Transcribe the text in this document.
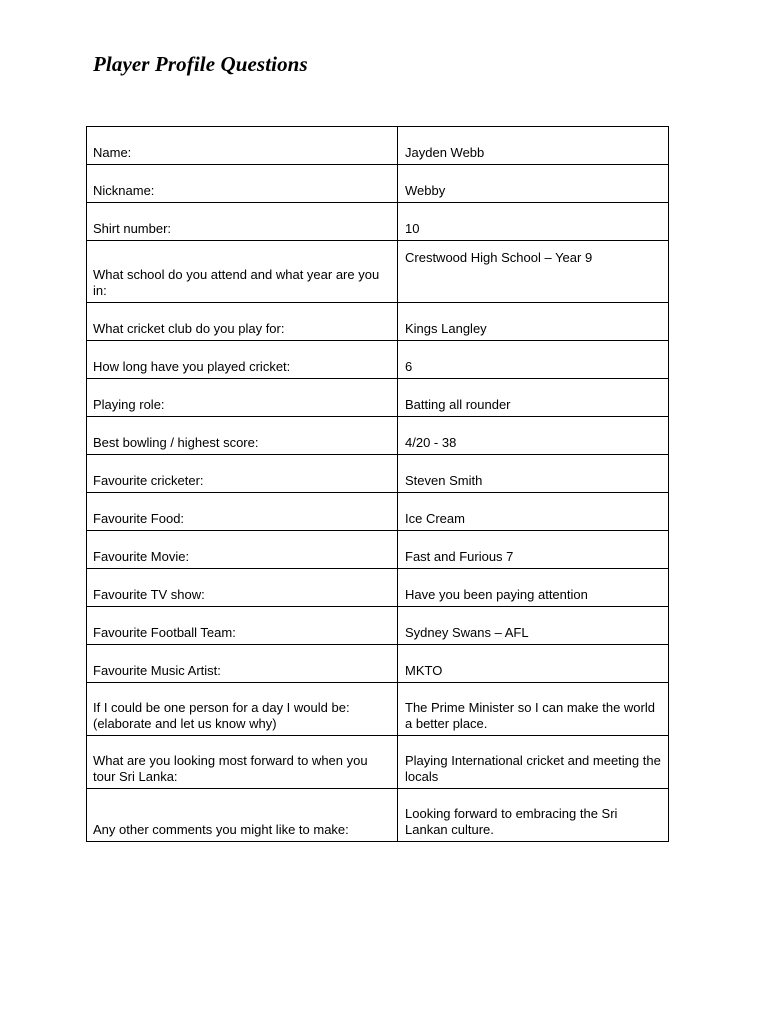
Player Profile Questions
Name:	Jayden Webb
Nickname:	Webby
Shirt number:	10
What school do you attend and what year are you in:	Crestwood High School – Year 9
What cricket club do you play for:	Kings Langley
How long have you played cricket:	6
Playing role:	Batting all rounder
Best bowling / highest score:	4/20 - 38
Favourite cricketer:	Steven Smith
Favourite Food:	Ice Cream
Favourite Movie:	Fast and Furious 7
Favourite TV show:	Have you been paying attention
Favourite Football Team:	Sydney Swans – AFL
Favourite Music Artist:	MKTO
If I could be one person for a day I would be: (elaborate and let us know why)	The Prime Minister so I can make the world a better place.
What are you looking most forward to when you tour Sri Lanka:	Playing International cricket and meeting the locals
Any other comments you might like to make:	Looking forward to embracing the Sri Lankan culture.
